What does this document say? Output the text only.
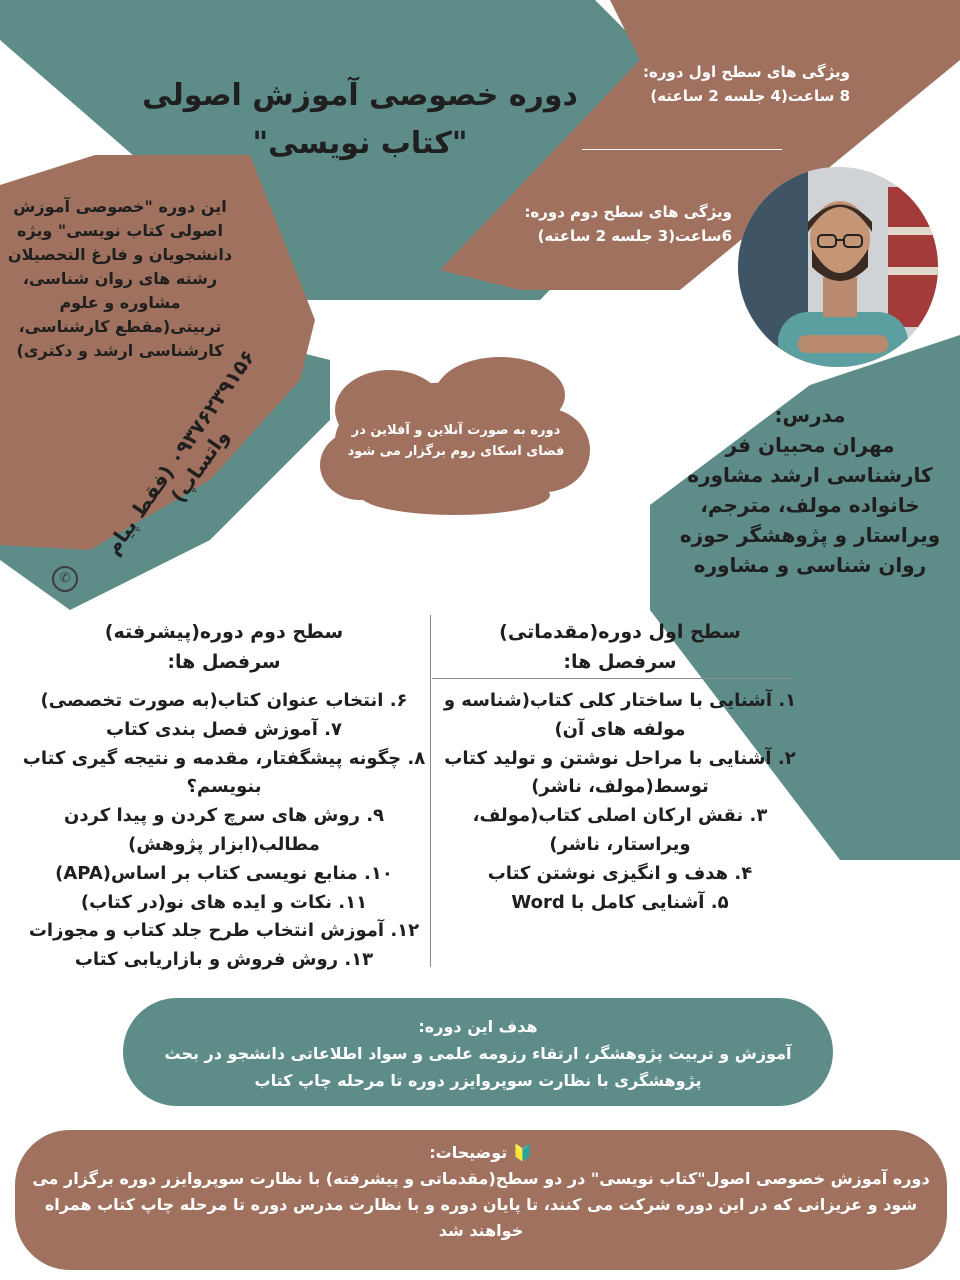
دوره خصوصی آموزش اصولی
"کتاب نویسی"
این دوره "خصوصی آموزش اصولی کتاب نویسی" ویژه دانشجویان و فارغ التحصیلان رشته های روان شناسی، مشاوره و علوم تربیتی(مقطع کارشناسی، کارشناسی ارشد و دکتری)
ویژگی های سطح اول دوره:
8 ساعت(4 جلسه 2 ساعته)
ویژگی های سطح دوم دوره:
6ساعت(3 جلسه 2 ساعته)
۰۹۳۷۶۲۳۹۱۵۶ (فقط پیام واتساپ)
✆
دوره به صورت آنلاین و آفلاین در فضای اسکای روم برگزار می شود
مدرس:
مهران محبیان فر
کارشناسی ارشد مشاوره خانواده مولف، مترجم، ویراستار و پژوهشگر حوزه روان شناسی و مشاوره
سطح اول دوره(مقدماتی)
سرفصل ها:
۱. آشنایی با ساختار کلی کتاب(شناسه و مولفه های آن)
۲. آشنایی با مراحل نوشتن و تولید کتاب توسط(مولف، ناشر)
۳. نقش ارکان اصلی کتاب(مولف، ویراستار، ناشر)
۴. هدف و انگیزی نوشتن کتاب
۵. آشنایی کامل با Word
سطح دوم دوره(پیشرفته)
سرفصل ها:
۶. انتخاب عنوان کتاب(به صورت تخصصی)
۷. آموزش فصل بندی کتاب
۸. چگونه پیشگفتار، مقدمه و نتیجه گیری کتاب بنویسم؟
۹. روش های سرچ کردن و پیدا کردن مطالب(ابزار پژوهش)
۱۰. منابع نویسی کتاب بر اساس(APA)
۱۱. نکات و ایده های نو(در کتاب)
۱۲. آموزش انتخاب طرح جلد کتاب و مجوزات
۱۳. روش فروش و بازاریابی کتاب
هدف این دوره:
آموزش و تربیت پژوهشگر، ارتقاء رزومه علمی و سواد اطلاعاتی دانشجو در بحث پژوهشگری با نظارت سوپروایزر دوره تا مرحله چاپ کتاب
🔰 توضیحات:
دوره آموزش خصوصی اصول"کتاب نویسی" در دو سطح(مقدماتی و پیشرفته) با نظارت سوپروایزر دوره برگزار می شود و عزیزانی که در این دوره شرکت می کنند، تا پایان دوره و با نظارت مدرس دوره تا مرحله چاپ کتاب همراه خواهند شد
